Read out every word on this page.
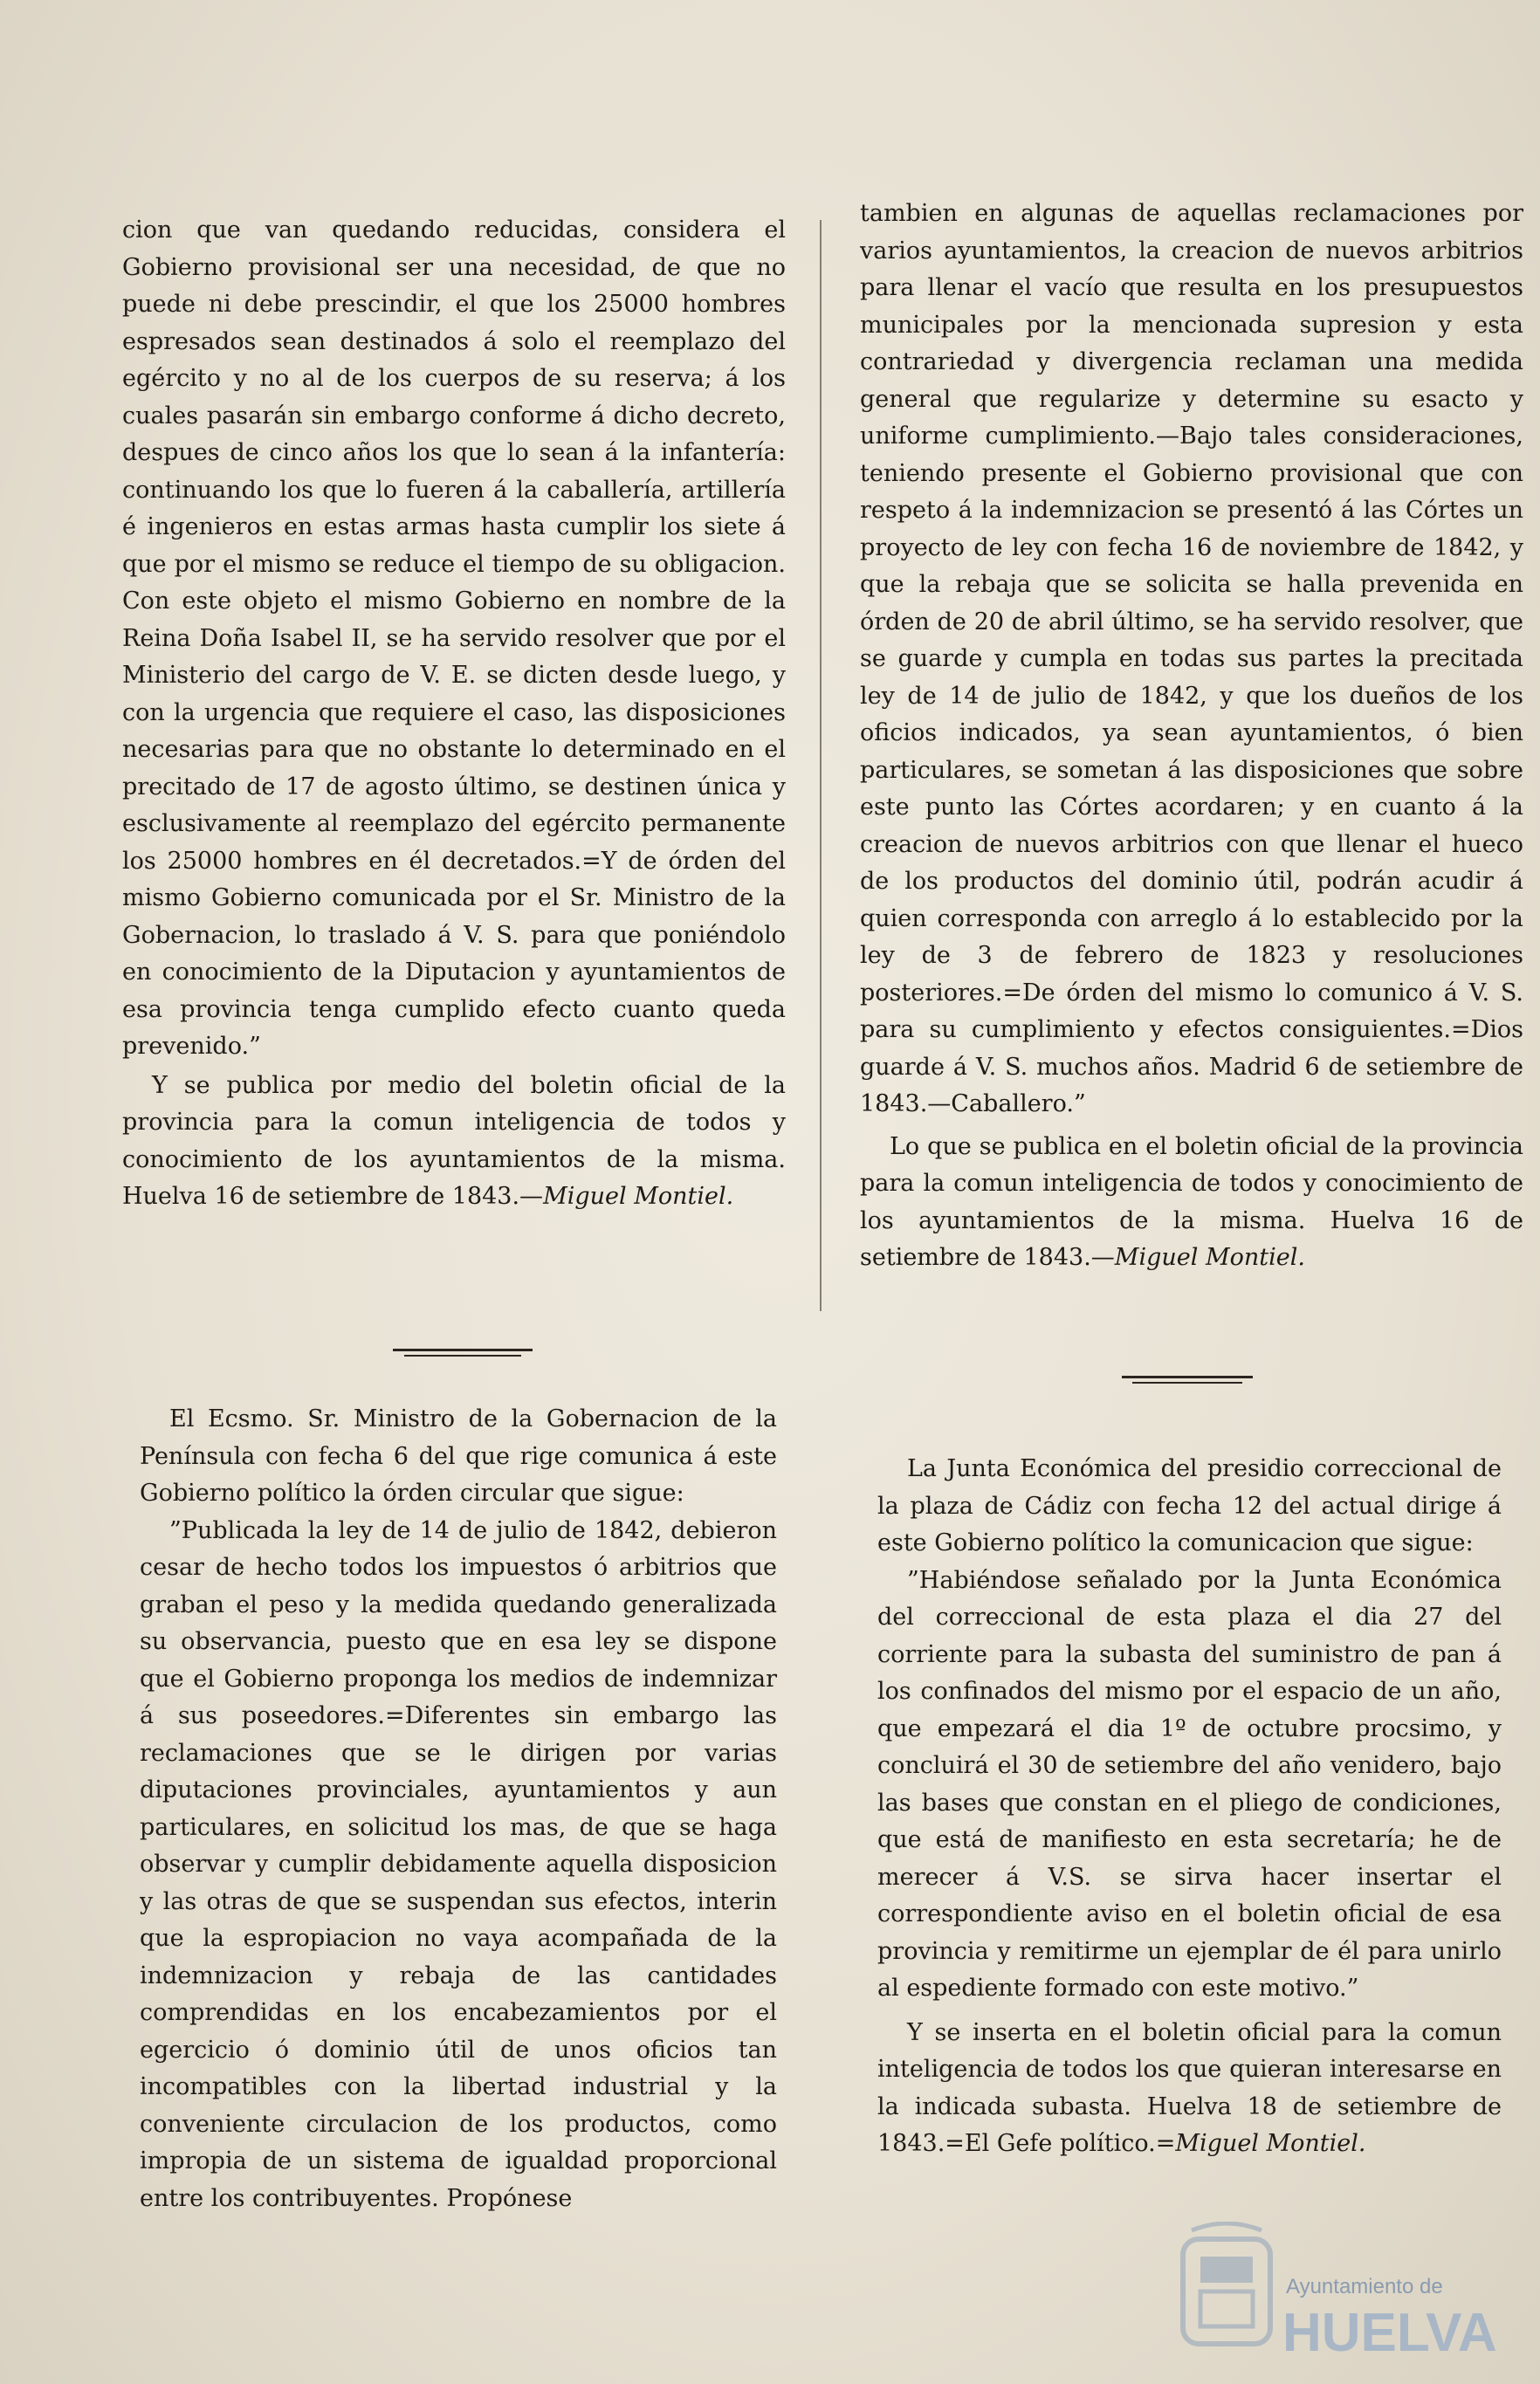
cion que van quedando reducidas, considera el Gobierno provisional ser una necesidad, de que no puede ni debe prescindir, el que los 25000 hombres espresados sean destinados á solo el reemplazo del egército y no al de los cuerpos de su reserva; á los cuales pasarán sin embargo conforme á dicho decreto, despues de cinco años los que lo sean á la infantería: continuando los que lo fueren á la caballería, artillería é ingenieros en estas armas hasta cumplir los siete á que por el mismo se reduce el tiempo de su obligacion. Con este objeto el mismo Gobierno en nombre de la Reina Doña Isabel II, se ha servido resolver que por el Ministerio del cargo de V. E. se dicten desde luego, y con la urgencia que requiere el caso, las disposiciones necesarias para que no obstante lo determinado en el precitado de 17 de agosto último, se destinen única y esclusivamente al reemplazo del egército permanente los 25000 hombres en él decretados.=Y de órden del mismo Gobierno comunicada por el Sr. Ministro de la Gobernacion, lo traslado á V. S. para que poniéndolo en conocimiento de la Diputacion y ayuntamientos de esa provincia tenga cumplido efecto cuanto queda prevenido.”

Y se publica por medio del boletin oficial de la provincia para la comun inteligencia de todos y conocimiento de los ayuntamientos de la misma. Huelva 16 de setiembre de 1843.—Miguel Montiel.

El Ecsmo. Sr. Ministro de la Gobernacion de la Península con fecha 6 del que rige comunica á este Gobierno político la órden circular que sigue:

”Publicada la ley de 14 de julio de 1842, debieron cesar de hecho todos los impuestos ó arbitrios que graban el peso y la medida quedando generalizada su observancia, puesto que en esa ley se dispone que el Gobierno proponga los medios de indemnizar á sus poseedores.=Diferentes sin embargo las reclamaciones que se le dirigen por varias diputaciones provinciales, ayuntamientos y aun particulares, en solicitud los mas, de que se haga observar y cumplir debidamente aquella disposicion y las otras de que se suspendan sus efectos, interin que la espropiacion no vaya acompañada de la indemnizacion y rebaja de las cantidades comprendidas en los encabezamientos por el egercicio ó dominio útil de unos oficios tan incompatibles con la libertad industrial y la conveniente circulacion de los productos, como impropia de un sistema de igualdad proporcional entre los contribuyentes. Propónese

tambien en algunas de aquellas reclamaciones por varios ayuntamientos, la creacion de nuevos arbitrios para llenar el vacío que resulta en los presupuestos municipales por la mencionada supresion y esta contrariedad y divergencia reclaman una medida general que regularize y determine su esacto y uniforme cumplimiento.—Bajo tales consideraciones, teniendo presente el Gobierno provisional que con respeto á la indemnizacion se presentó á las Córtes un proyecto de ley con fecha 16 de noviembre de 1842, y que la rebaja que se solicita se halla prevenida en órden de 20 de abril último, se ha servido resolver, que se guarde y cumpla en todas sus partes la precitada ley de 14 de julio de 1842, y que los dueños de los oficios indicados, ya sean ayuntamientos, ó bien particulares, se sometan á las disposiciones que sobre este punto las Córtes acordaren; y en cuanto á la creacion de nuevos arbitrios con que llenar el hueco de los productos del dominio útil, podrán acudir á quien corresponda con arreglo á lo establecido por la ley de 3 de febrero de 1823 y resoluciones posteriores.=De órden del mismo lo comunico á V. S. para su cumplimiento y efectos consiguientes.=Dios guarde á V. S. muchos años. Madrid 6 de setiembre de 1843.—Caballero.”

Lo que se publica en el boletin oficial de la provincia para la comun inteligencia de todos y conocimiento de los ayuntamientos de la misma. Huelva 16 de setiembre de 1843.—Miguel Montiel.

La Junta Económica del presidio correccional de la plaza de Cádiz con fecha 12 del actual dirige á este Gobierno político la comunicacion que sigue:

”Habiéndose señalado por la Junta Económica del correccional de esta plaza el dia 27 del corriente para la subasta del suministro de pan á los confinados del mismo por el espacio de un año, que empezará el dia 1º de octubre procsimo, y concluirá el 30 de setiembre del año venidero, bajo las bases que constan en el pliego de condiciones, que está de manifiesto en esta secretaría; he de merecer á V.S. se sirva hacer insertar el correspondiente aviso en el boletin oficial de esa provincia y remitirme un ejemplar de él para unirlo al espediente formado con este motivo.”

Y se inserta en el boletin oficial para la comun inteligencia de todos los que quieran interesarse en la indicada subasta. Huelva 18 de setiembre de 1843.=El Gefe político.=Miguel Montiel.

Ayuntamiento de
HUELVA
